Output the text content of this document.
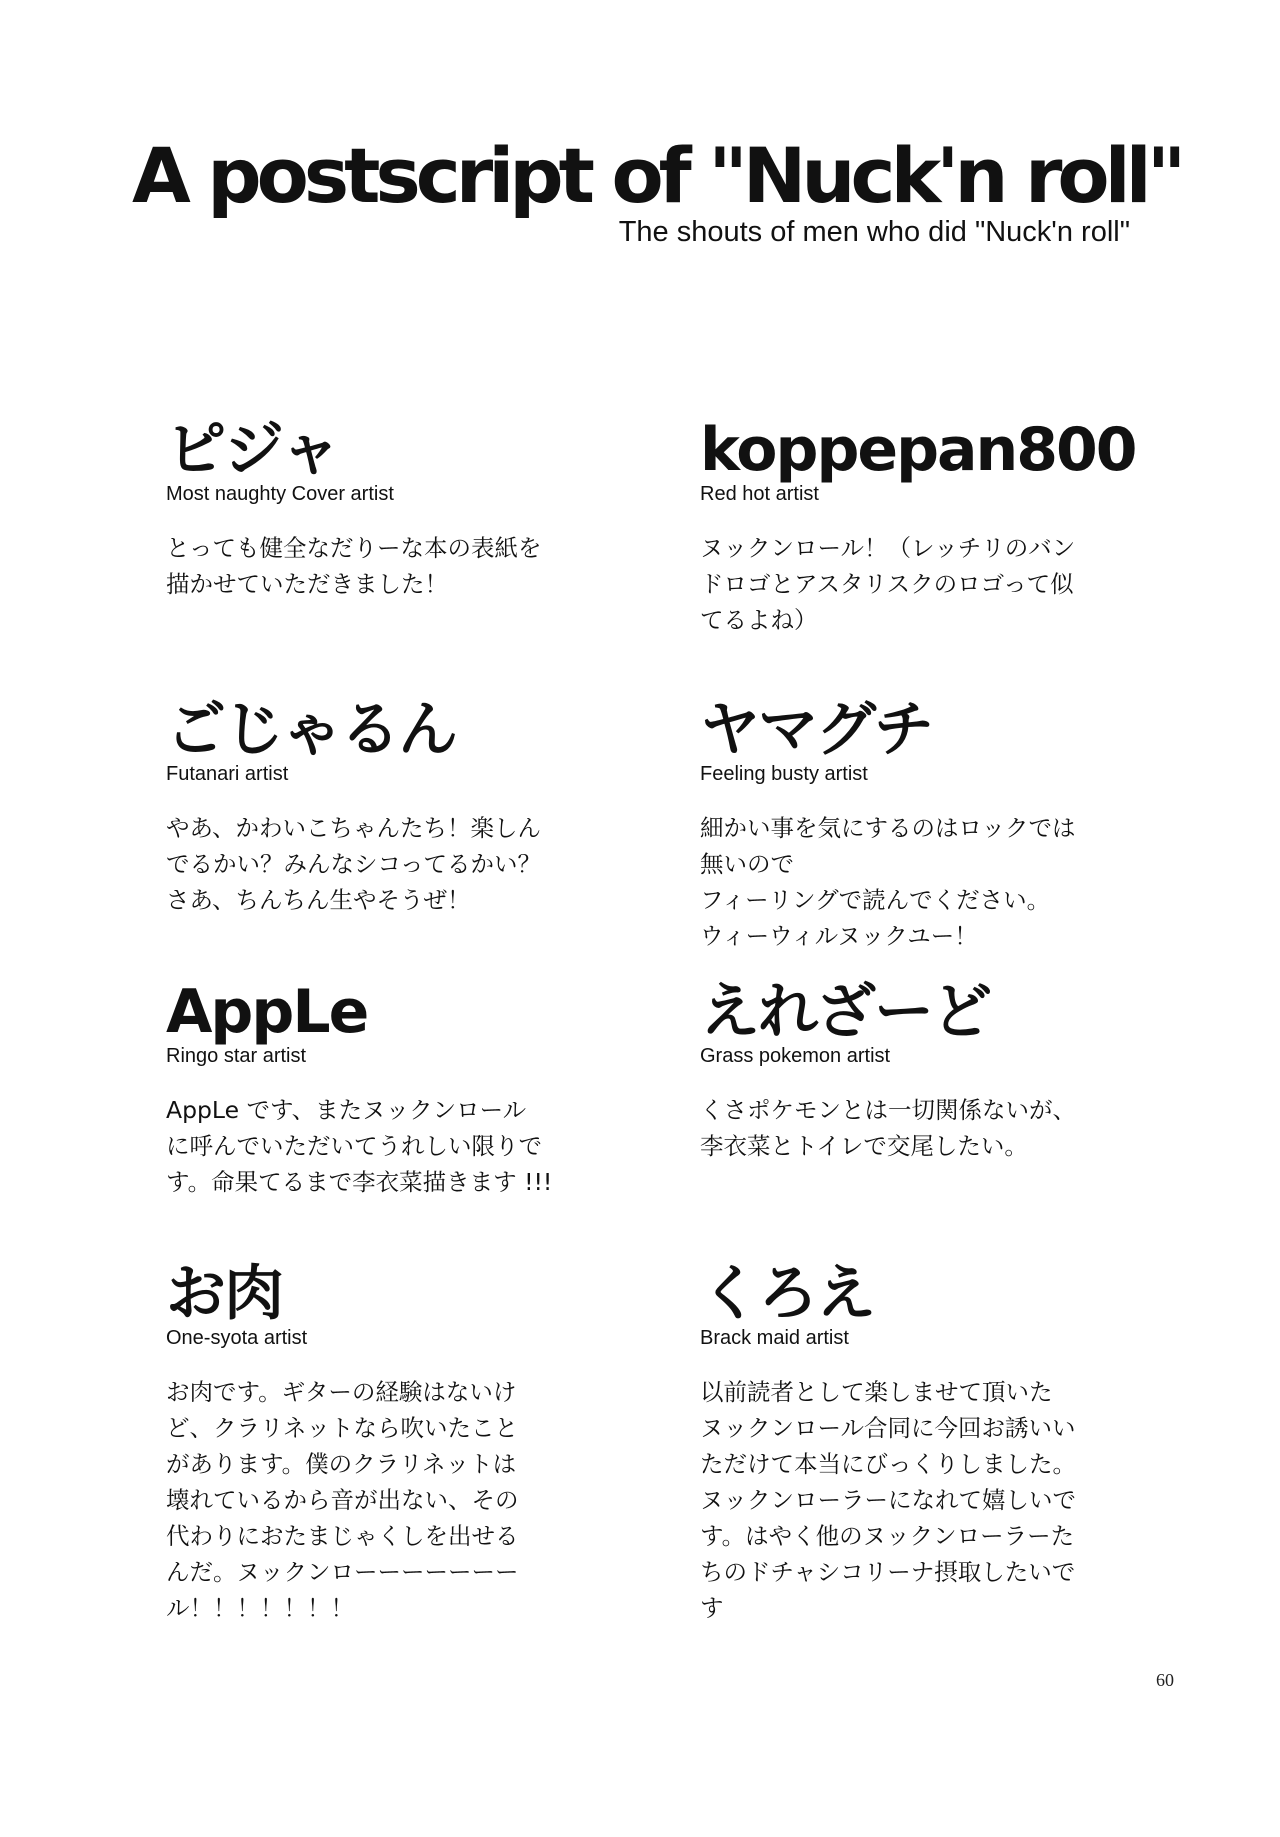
A postscript of "Nuck'n roll"
The shouts of men who did "Nuck'n roll"
ピジャ
Most naughty Cover artist
とっても健全なだりーな本の表紙を
描かせていただきました！
koppepan800
Red hot artist
ヌックンロール！（レッチリのバン
ドロゴとアスタリスクのロゴって似
てるよね）
ごじゃるん
Futanari artist
やあ、かわいこちゃんたち！楽しん
でるかい？みんなシコってるかい？
さあ、ちんちん生やそうぜ！
ヤマグチ
Feeling busty artist
細かい事を気にするのはロックでは
無いので
フィーリングで読んでください。
ウィーウィルヌックユー！
AppLe
Ringo star artist
AppLe です、またヌックンロール
に呼んでいただいてうれしい限りで
す。命果てるまで李衣菜描きます !!!
えれざーど
Grass pokemon artist
くさポケモンとは一切関係ないが、
李衣菜とトイレで交尾したい。
お肉
One-syota artist
お肉です。ギターの経験はないけ
ど、クラリネットなら吹いたこと
があります。僕のクラリネットは
壊れているから音が出ない、その
代わりにおたまじゃくしを出せる
んだ。ヌックンローーーーーーー
ル！！！！！！！
くろえ
Brack maid artist
以前読者として楽しませて頂いた
ヌックンロール合同に今回お誘いい
ただけて本当にびっくりしました。
ヌックンローラーになれて嬉しいで
す。はやく他のヌックンローラーた
ちのドチャシコリーナ摂取したいで
す
60
